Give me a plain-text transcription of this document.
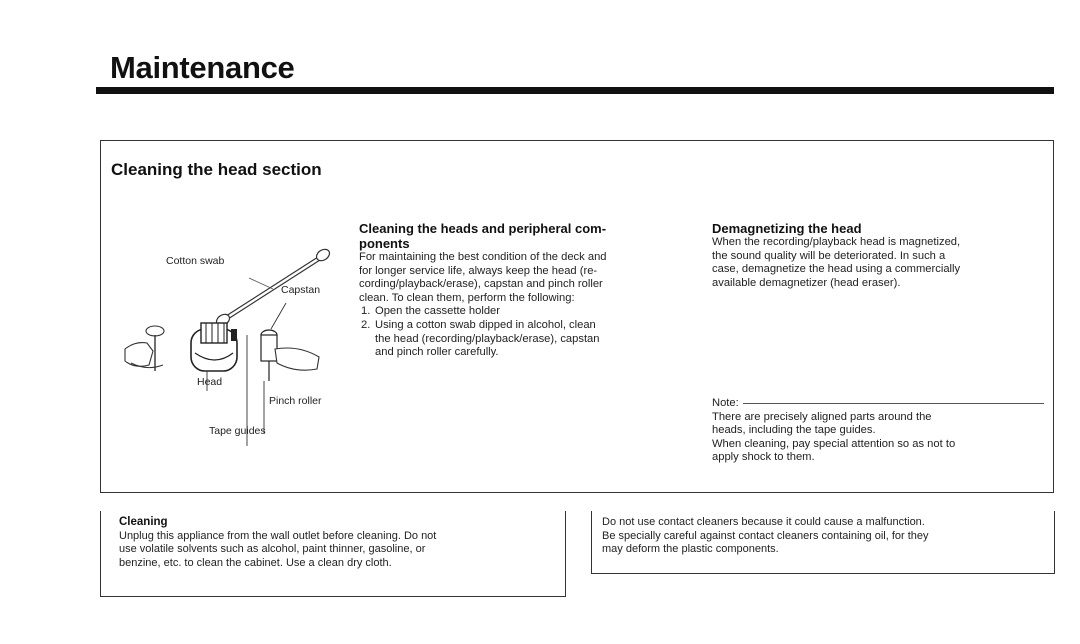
Maintenance
Cleaning the head section
Cotton swab
Capstan
Head
Pinch roller
Tape guides
Cleaning the heads and peripheral com-
ponents
For maintaining the best condition of the deck and
for longer service life, always keep the head (re-
cording/playback/erase), capstan and pinch roller
clean. To clean them, perform the following:
1. Open the cassette holder
2. Using a cotton swab dipped in alcohol, clean
the head (recording/playback/erase), capstan
and pinch roller carefully.
Demagnetizing the head
When the recording/playback head is magnetized,
the sound quality will be deteriorated. In such a
case, demagnetize the head using a commercially
available demagnetizer (head eraser).
Note:
There are precisely aligned parts around the
heads, including the tape guides.
When cleaning, pay special attention so as not to
apply shock to them.
Cleaning
Unplug this appliance from the wall outlet before cleaning. Do not
use volatile solvents such as alcohol, paint thinner, gasoline, or
benzine, etc. to clean the cabinet. Use a clean dry cloth.
Do not use contact cleaners because it could cause a malfunction.
Be specially careful against contact cleaners containing oil, for they
may deform the plastic components.
